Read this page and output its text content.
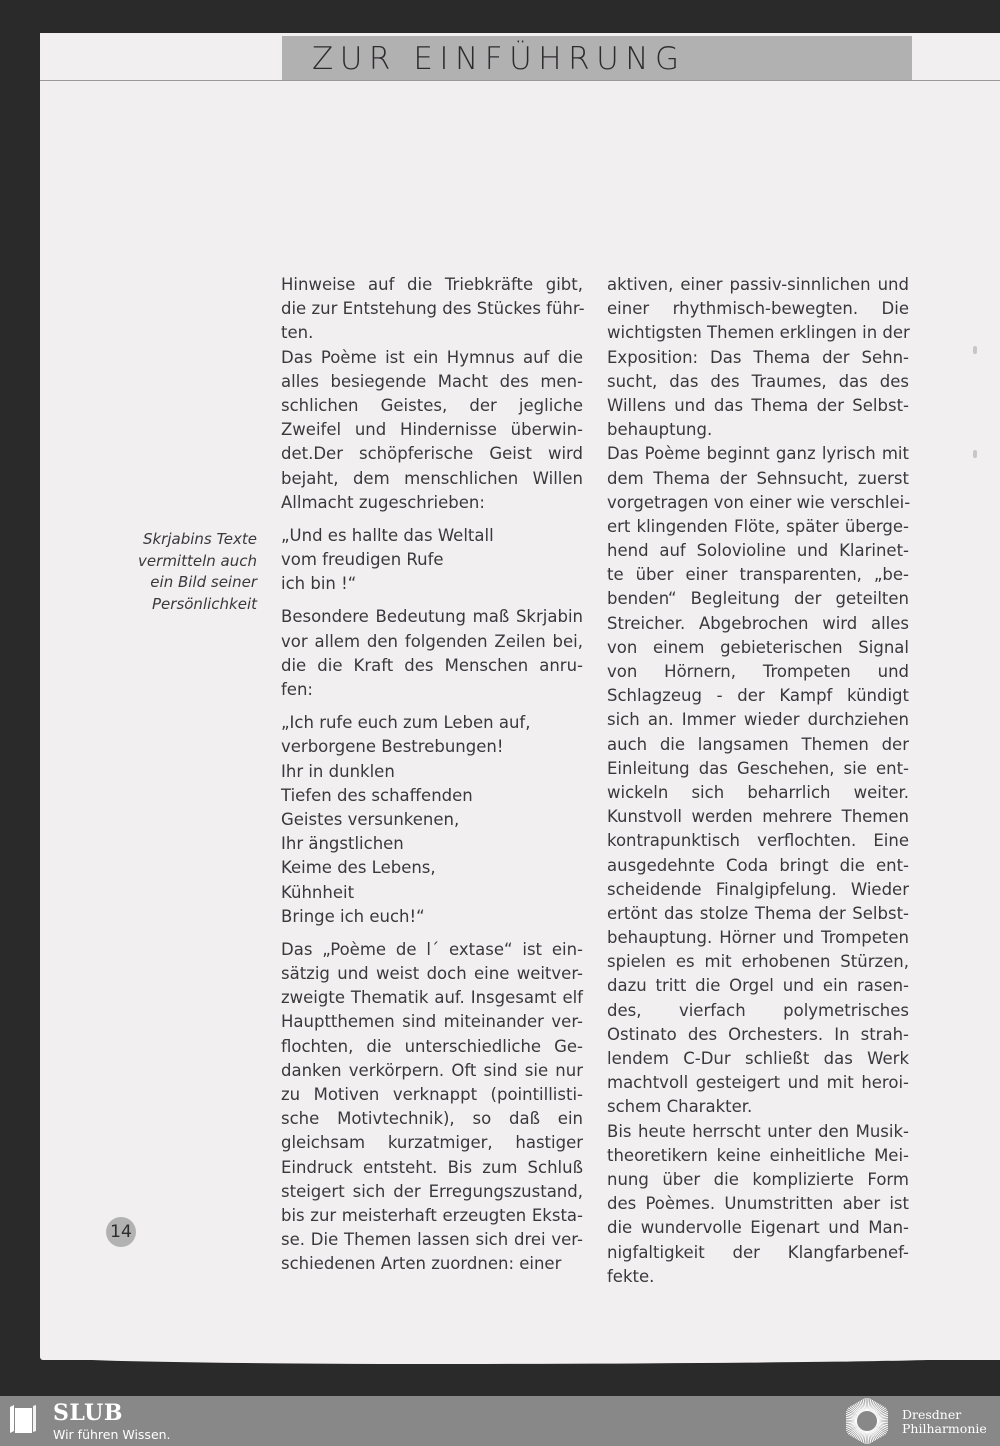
ZUR EINFÜHRUNG
Skrjabins Texte
vermitteln auch
ein Bild seiner
Persönlichkeit
Hinweise auf die Triebkräfte gibt,
die zur Entstehung des Stückes führ-
ten.
Das Poème ist ein Hymnus auf die
alles besiegende Macht des men-
schlichen Geistes, der jegliche
Zweifel und Hindernisse überwin-
det.Der schöpferische Geist wird
bejaht, dem menschlichen Willen
Allmacht zugeschrieben:
„Und es hallte das Weltall
vom freudigen Rufe
ich bin !“
Besondere Bedeutung maß Skrjabin
vor allem den folgenden Zeilen bei,
die die Kraft des Menschen anru-
fen:
„Ich rufe euch zum Leben auf,
verborgene Bestrebungen!
Ihr in dunklen
Tiefen des schaffenden
Geistes versunkenen,
Ihr ängstlichen
Keime des Lebens,
Kühnheit
Bringe ich euch!“
Das „Poème de l´ extase“ ist ein-
sätzig und weist doch eine weitver-
zweigte Thematik auf. Insgesamt elf
Hauptthemen sind miteinander ver-
flochten, die unterschiedliche Ge-
danken verkörpern. Oft sind sie nur
zu Motiven verknappt (pointillisti-
sche Motivtechnik), so daß ein
gleichsam kurzatmiger, hastiger
Eindruck entsteht. Bis zum Schluß
steigert sich der Erregungszustand,
bis zur meisterhaft erzeugten Eksta-
se. Die Themen lassen sich drei ver-
schiedenen Arten zuordnen: einer
aktiven, einer passiv-sinnlichen und
einer rhythmisch-bewegten. Die
wichtigsten Themen erklingen in der
Exposition: Das Thema der Sehn-
sucht, das des Traumes, das des
Willens und das Thema der Selbst-
behauptung.
Das Poème beginnt ganz lyrisch mit
dem Thema der Sehnsucht, zuerst
vorgetragen von einer wie verschlei-
ert klingenden Flöte, später überge-
hend auf Solovioline und Klarinet-
te über einer transparenten, „be-
benden“ Begleitung der geteilten
Streicher. Abgebrochen wird alles
von einem gebieterischen Signal
von Hörnern, Trompeten und
Schlagzeug - der Kampf kündigt
sich an. Immer wieder durchziehen
auch die langsamen Themen der
Einleitung das Geschehen, sie ent-
wickeln sich beharrlich weiter.
Kunstvoll werden mehrere Themen
kontrapunktisch verflochten. Eine
ausgedehnte Coda bringt die ent-
scheidende Finalgipfelung. Wieder
ertönt das stolze Thema der Selbst-
behauptung. Hörner und Trompeten
spielen es mit erhobenen Stürzen,
dazu tritt die Orgel und ein rasen-
des, vierfach polymetrisches
Ostinato des Orchesters. In strah-
lendem C-Dur schließt das Werk
machtvoll gesteigert und mit heroi-
schem Charakter.
Bis heute herrscht unter den Musik-
theoretikern keine einheitliche Mei-
nung über die komplizierte Form
des Poèmes. Unumstritten aber ist
die wundervolle Eigenart und Man-
nigfaltigkeit der Klangfarbenef-
fekte.
14
SLUB
Wir führen Wissen.
Dresdner
Philharmonie
